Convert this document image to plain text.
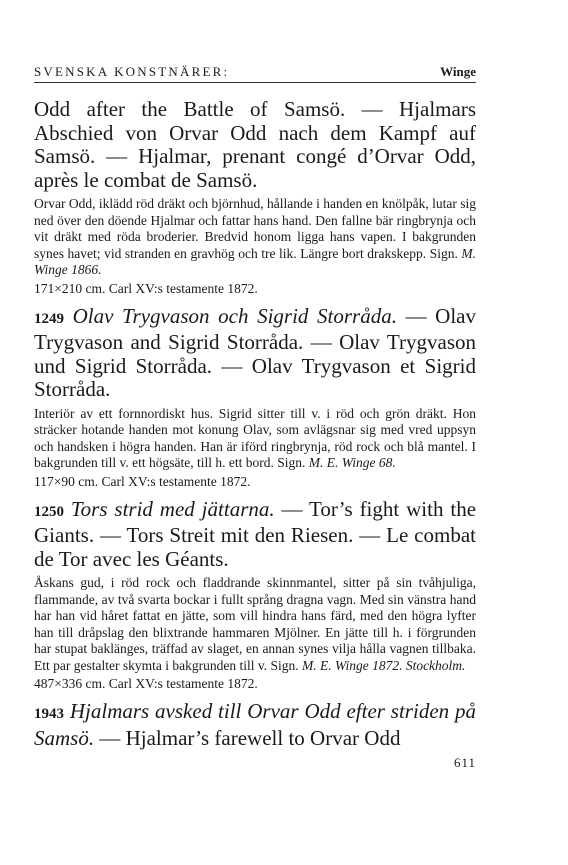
SVENSKA KONSTNÄRER:	Winge

Odd after the Battle of Samsö. — Hjalmars Abschied von Orvar Odd nach dem Kampf auf Samsö. — Hjalmar, prenant congé d’Orvar Odd, après le combat de Samsö.

Orvar Odd, iklädd röd dräkt och björnhud, hållande i handen en knölpåk, lutar sig ned över den döende Hjalmar och fattar hans hand. Den fallne bär ringbrynja och vit dräkt med röda broderier. Bredvid honom ligga hans vapen. I bakgrunden synes havet; vid stranden en gravhög och tre lik. Längre bort drakskepp. Sign. M. Winge 1866.

171×210 cm. Carl XV:s testamente 1872.

1249 Olav Trygvason och Sigrid Storråda. — Olav Trygvason and Sigrid Storråda. — Olav Trygvason und Sigrid Storråda. — Olav Trygvason et Sigrid Storråda.

Interiör av ett fornnordiskt hus. Sigrid sitter till v. i röd och grön dräkt. Hon sträcker hotande handen mot konung Olav, som avlägsnar sig med vred uppsyn och handsken i högra handen. Han är iförd ringbrynja, röd rock och blå mantel. I bakgrunden till v. ett högsäte, till h. ett bord. Sign. M. E. Winge 68.

117×90 cm. Carl XV:s testamente 1872.

1250 Tors strid med jättarna. — Tor’s fight with the Giants. — Tors Streit mit den Riesen. — Le combat de Tor avec les Géants.

Åskans gud, i röd rock och fladdrande skinnmantel, sitter på sin tvåhjuliga, flammande, av två svarta bockar i fullt språng dragna vagn. Med sin vänstra hand har han vid håret fattat en jätte, som vill hindra hans färd, med den högra lyfter han till dråpslag den blixtrande hammaren Mjölner. En jätte till h. i förgrunden har stupat baklänges, träffad av slaget, en annan synes vilja hålla vagnen tillbaka. Ett par gestalter skymta i bakgrunden till v. Sign. M. E. Winge 1872. Stockholm.

487×336 cm. Carl XV:s testamente 1872.

1943 Hjalmars avsked till Orvar Odd efter striden på Samsö. — Hjalmar’s farewell to Orvar Odd

611
